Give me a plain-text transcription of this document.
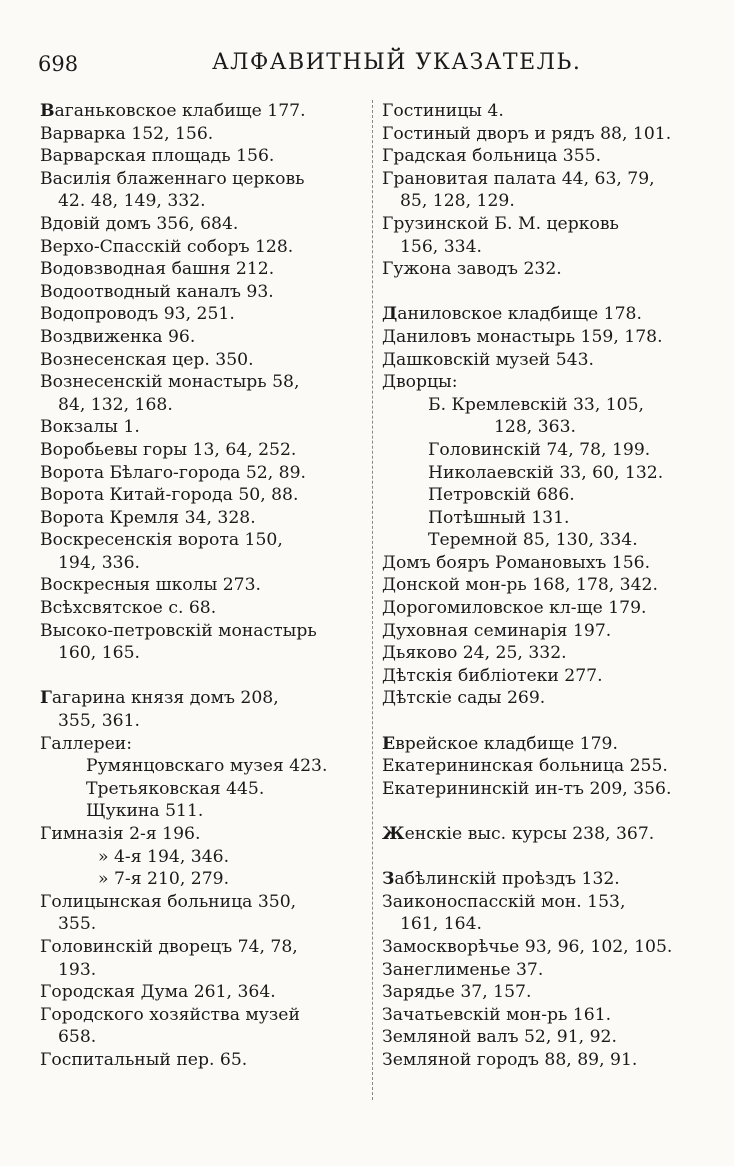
698	АЛФАВИТНЫЙ УКАЗАТЕЛЬ.
Ваганьковское клабище 177.
Варварка 152, 156.
Варварская площадь 156.
Василія блаженнаго церковь
42. 48, 149, 332.
Вдовій домъ 356, 684.
Верхо-Спасскій соборъ 128.
Водовзводная башня 212.
Водоотводный каналъ 93.
Водопроводъ 93, 251.
Воздвиженка 96.
Вознесенская цер. 350.
Вознесенскій монастырь 58,
84, 132, 168.
Вокзалы 1.
Воробьевы горы 13, 64, 252.
Ворота Бѣлаго-города 52, 89.
Ворота Китай-города 50, 88.
Ворота Кремля 34, 328.
Воскресенскія ворота 150,
194, 336.
Воскресныя школы 273.
Всѣхсвятское с. 68.
Высоко-петровскій монастырь
160, 165.
Гагарина князя домъ 208,
355, 361.
Галлереи:
Румянцовскаго музея 423.
Третьяковская 445.
Щукина 511.
Гимназія 2-я 196.
» 4-я 194, 346.
» 7-я 210, 279.
Голицынская больница 350,
355.
Головинскій дворецъ 74, 78,
193.
Городская Дума 261, 364.
Городского хозяйства музей
658.
Госпитальный пер. 65.
Гостиницы 4.
Гостиный дворъ и рядъ 88, 101.
Градская больница 355.
Грановитая палата 44, 63, 79,
85, 128, 129.
Грузинской Б. М. церковь
156, 334.
Гужона заводъ 232.
Даниловское кладбище 178.
Даниловъ монастырь 159, 178.
Дашковскій музей 543.
Дворцы:
Б. Кремлевскій 33, 105,
128, 363.
Головинскій 74, 78, 199.
Николаевскій 33, 60, 132.
Петровскій 686.
Потѣшный 131.
Теремной 85, 130, 334.
Домъ бояръ Романовыхъ 156.
Донской мон-рь 168, 178, 342.
Дорогомиловское кл-ще 179.
Духовная семинарія 197.
Дьяково 24, 25, 332.
Дѣтскія библіотеки 277.
Дѣтскіе сады 269.
Еврейское кладбище 179.
Екатерининская больница 255.
Екатерининскій ин-тъ 209, 356.
Женскіе выс. курсы 238, 367.
Забѣлинскій проѣздъ 132.
Заиконоспасскій мон. 153,
161, 164.
Замоскворѣчье 93, 96, 102, 105.
Занеглименье 37.
Зарядье 37, 157.
Зачатьевскій мон-рь 161.
Земляной валъ 52, 91, 92.
Земляной городъ 88, 89, 91.
